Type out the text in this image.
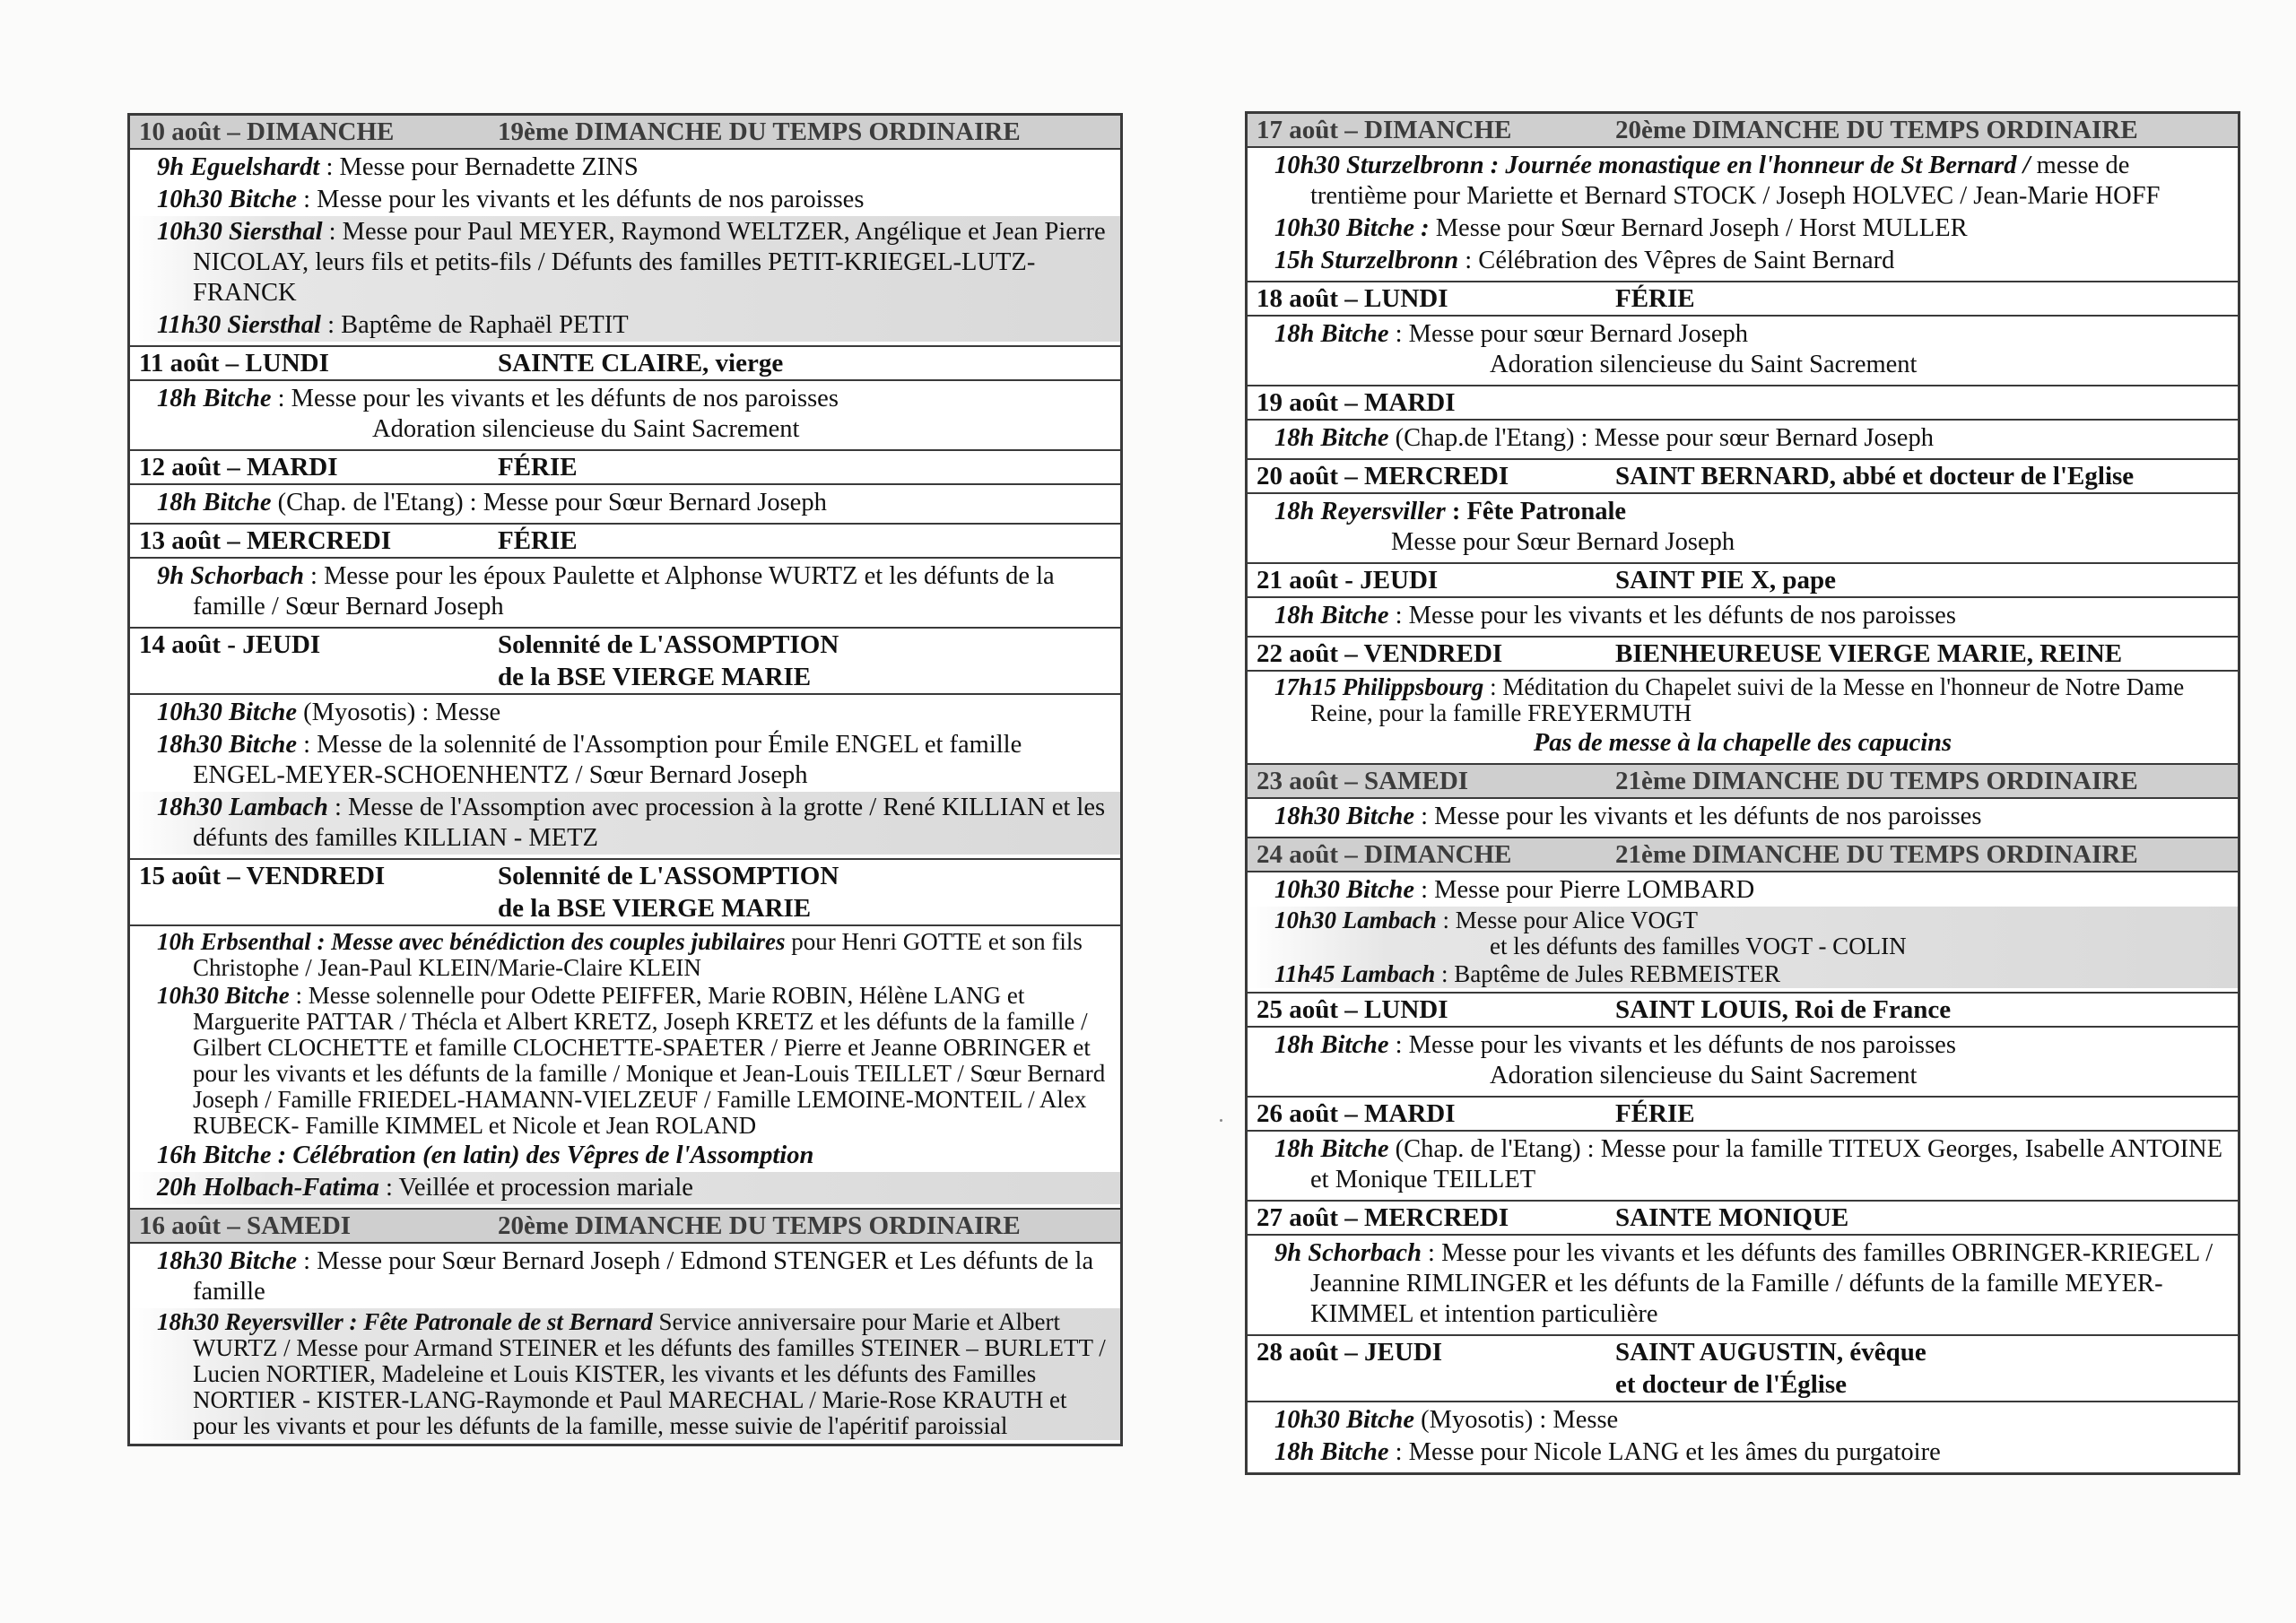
10 août – DIMANCHE	19ème DIMANCHE DU TEMPS ORDINAIRE
9h Eguelshardt : Messe pour Bernadette ZINS
10h30 Bitche : Messe pour les vivants et les défunts de nos paroisses
10h30 Siersthal : Messe pour Paul MEYER, Raymond WELTZER, Angélique et Jean Pierre NICOLAY, leurs fils et petits-fils / Défunts des familles PETIT-KRIEGEL-LUTZ-FRANCK
11h30 Siersthal : Baptême de Raphaël PETIT
11 août – LUNDI	SAINTE CLAIRE, vierge
18h Bitche : Messe pour les vivants et les défunts de nos paroisses
Adoration silencieuse du Saint Sacrement
12 août – MARDI	FÉRIE
18h Bitche (Chap. de l'Etang) : Messe pour Sœur Bernard Joseph
13 août – MERCREDI	FÉRIE
9h Schorbach : Messe pour les époux Paulette et Alphonse WURTZ et les défunts de la famille / Sœur Bernard Joseph
14 août - JEUDI	Solennité de L'ASSOMPTION
de la BSE VIERGE MARIE
10h30 Bitche (Myosotis) : Messe
18h30 Bitche : Messe de la solennité de l'Assomption pour Émile ENGEL et famille ENGEL-MEYER-SCHOENHENTZ / Sœur Bernard Joseph
18h30 Lambach : Messe de l'Assomption avec procession à la grotte / René KILLIAN et les défunts des familles KILLIAN - METZ
15 août – VENDREDI	Solennité de L'ASSOMPTION
de la BSE VIERGE MARIE
10h Erbsenthal : Messe avec bénédiction des couples jubilaires pour Henri GOTTE et son fils Christophe / Jean-Paul KLEIN/Marie-Claire KLEIN
10h30 Bitche : Messe solennelle pour Odette PEIFFER, Marie ROBIN, Hélène LANG et Marguerite PATTAR / Thécla et Albert KRETZ, Joseph KRETZ et les défunts de la famille / Gilbert CLOCHETTE et famille CLOCHETTE-SPAETER / Pierre et Jeanne OBRINGER et pour les vivants et les défunts de la famille / Monique et Jean-Louis TEILLET / Sœur Bernard Joseph / Famille FRIEDEL-HAMANN-VIELZEUF / Famille LEMOINE-MONTEIL / Alex RUBECK- Famille KIMMEL et Nicole et Jean ROLAND
16h Bitche : Célébration (en latin) des Vêpres de l'Assomption
20h Holbach-Fatima : Veillée et procession mariale
16 août – SAMEDI	20ème DIMANCHE DU TEMPS ORDINAIRE
18h30 Bitche : Messe pour Sœur Bernard Joseph / Edmond STENGER et Les défunts de la famille
18h30 Reyersviller : Fête Patronale de st Bernard Service anniversaire pour Marie et Albert WURTZ / Messe pour Armand STEINER et les défunts des familles STEINER – BURLETT / Lucien NORTIER, Madeleine et Louis KISTER, les vivants et les défunts des Familles NORTIER - KISTER-LANG-Raymonde et Paul MARECHAL / Marie-Rose KRAUTH et pour les vivants et pour les défunts de la famille, messe suivie de l'apéritif paroissial
17 août – DIMANCHE	20ème DIMANCHE DU TEMPS ORDINAIRE
10h30 Sturzelbronn : Journée monastique en l'honneur de St Bernard / messe de trentième pour Mariette et Bernard STOCK / Joseph HOLVEC / Jean-Marie HOFF
10h30 Bitche : Messe pour Sœur Bernard Joseph / Horst MULLER
15h Sturzelbronn : Célébration des Vêpres de Saint Bernard
18 août – LUNDI	FÉRIE
18h Bitche : Messe pour sœur Bernard Joseph
Adoration silencieuse du Saint Sacrement
19 août – MARDI
18h Bitche (Chap.de l'Etang) : Messe pour sœur Bernard Joseph
20 août – MERCREDI	SAINT BERNARD, abbé et docteur de l'Eglise
18h Reyersviller : Fête Patronale
Messe pour Sœur Bernard Joseph
21 août - JEUDI	SAINT PIE X, pape
18h Bitche : Messe pour les vivants et les défunts de nos paroisses
22 août – VENDREDI	BIENHEUREUSE VIERGE MARIE, REINE
17h15 Philippsbourg : Méditation du Chapelet suivi de la Messe en l'honneur de Notre Dame Reine, pour la famille FREYERMUTH
Pas de messe à la chapelle des capucins
23 août – SAMEDI	21ème DIMANCHE DU TEMPS ORDINAIRE
18h30 Bitche : Messe pour les vivants et les défunts de nos paroisses
24 août – DIMANCHE	21ème DIMANCHE DU TEMPS ORDINAIRE
10h30 Bitche : Messe pour Pierre LOMBARD
10h30 Lambach : Messe pour Alice VOGT
et les défunts des familles VOGT - COLIN
11h45 Lambach : Baptême de Jules REBMEISTER
25 août – LUNDI	SAINT LOUIS, Roi de France
18h Bitche : Messe pour les vivants et les défunts de nos paroisses
Adoration silencieuse du Saint Sacrement
26 août – MARDI	FÉRIE
18h Bitche (Chap. de l'Etang) : Messe pour la famille TITEUX Georges, Isabelle ANTOINE et Monique TEILLET
27 août – MERCREDI	SAINTE MONIQUE
9h Schorbach : Messe pour les vivants et les défunts des familles OBRINGER-KRIEGEL / Jeannine RIMLINGER et les défunts de la Famille / défunts de la famille MEYER-KIMMEL et intention particulière
28 août – JEUDI	SAINT AUGUSTIN, évêque
et docteur de l'Église
10h30 Bitche (Myosotis) : Messe
18h Bitche : Messe pour Nicole LANG et les âmes du purgatoire
